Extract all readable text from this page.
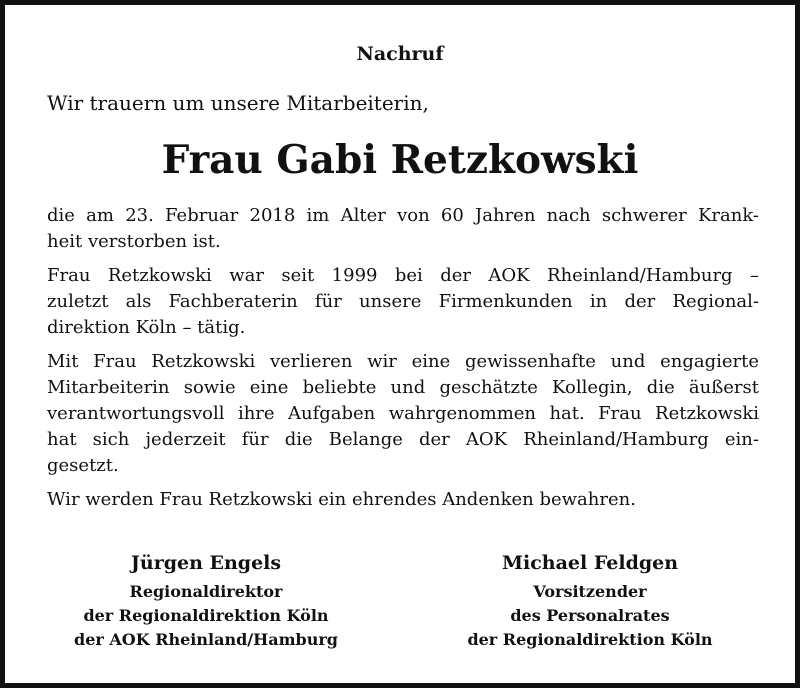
Nachruf
Wir trauern um unsere Mitarbeiterin,
Frau Gabi Retzkowski

die am 23. Februar 2018 im Alter von 60 Jahren nach schwerer Krank-
heit verstorben ist.

Frau Retzkowski war seit 1999 bei der AOK Rheinland/Hamburg –
zuletzt als Fachberaterin für unsere Firmenkunden in der Regional-
direktion Köln – tätig.

Mit Frau Retzkowski verlieren wir eine gewissenhafte und engagierte
Mitarbeiterin sowie eine beliebte und geschätzte Kollegin, die äußerst
verantwortungsvoll ihre Aufgaben wahrgenommen hat. Frau Retzkowski
hat sich jederzeit für die Belange der AOK Rheinland/Hamburg ein-
gesetzt.

Wir werden Frau Retzkowski ein ehrendes Andenken bewahren.

Jürgen Engels
Regionaldirektor
der Regionaldirektion Köln
der AOK Rheinland/Hamburg
Michael Feldgen
Vorsitzender
des Personalrates
der Regionaldirektion Köln
